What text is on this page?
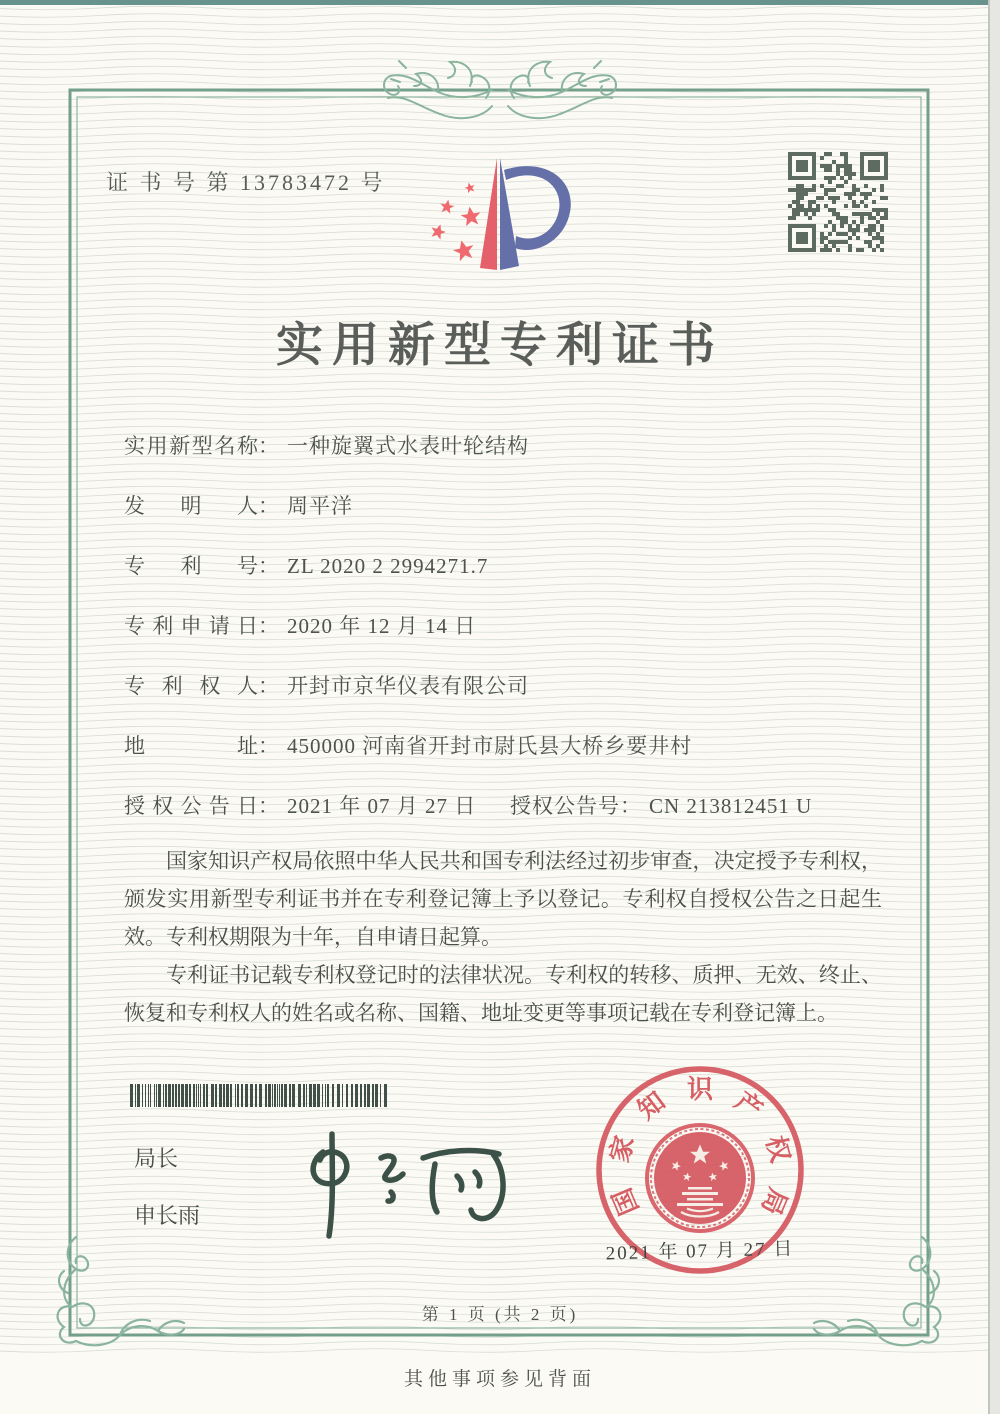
证 书 号 第 13783472 号
实用新型专利证书
实用新型名称： 一种旋翼式水表叶轮结构
发明人： 周平洋
专利号： ZL 2020 2 2994271.7
专利申请日： 2020 年 12 月 14 日
专利权人： 开封市京华仪表有限公司
地址： 450000 河南省开封市尉氏县大桥乡要井村
授权公告日： 2021 年 07 月 27 日 授权公告号： CN 213812451 U

国家知识产权局依照中华人民共和国专利法经过初步审查，决定授予专利权，颁发实用新型专利证书并在专利登记簿上予以登记。专利权自授权公告之日起生效。专利权期限为十年，自申请日起算。

专利证书记载专利权登记时的法律状况。专利权的转移、质押、无效、终止、恢复和专利权人的姓名或名称、国籍、地址变更等事项记载在专利登记簿上。

局长
申长雨	国
家
知 识 产
权
局
2021 年 07 月 27 日
第 1 页 (共 2 页)
其他事项参见背面
